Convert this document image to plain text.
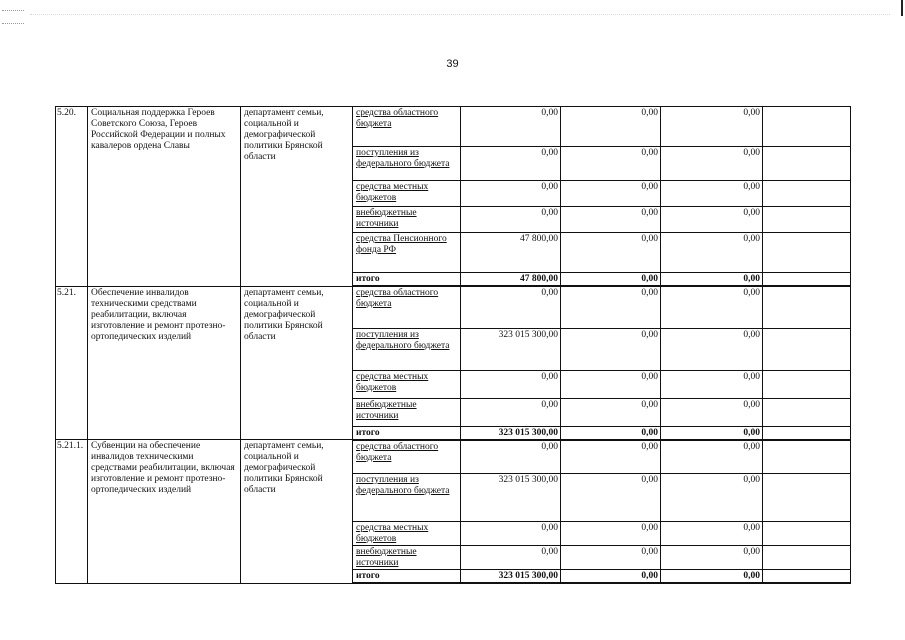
39
5.20.	Социальная поддержка Героев Советского Союза, Героев Российской Федерации и полных кавалеров ордена Славы	департамент семьи, социальной и демографической политики Брянской области	средства областного бюджета	0,00	0,00	0,00	
			поступления из федерального бюджета	0,00	0,00	0,00	
			средства местных бюджетов	0,00	0,00	0,00	
			внебюджетные источники	0,00	0,00	0,00	
			средства Пенсионного фонда РФ	47 800,00	0,00	0,00	
			итого	47 800,00	0,00	0,00	
5.21.	Обеспечение инвалидов техническими средствами реабилитации, включая изготовление и ремонт протезно-ортопедических изделий	департамент семьи, социальной и демографической политики Брянской области	средства областного бюджета	0,00	0,00	0,00	
			поступления из федерального бюджета	323 015 300,00	0,00	0,00	
			средства местных бюджетов	0,00	0,00	0,00	
			внебюджетные источники	0,00	0,00	0,00	
			итого	323 015 300,00	0,00	0,00	
5.21.1.	Субвенции на обеспечение инвалидов техническими средствами реабилитации, включая изготовление и ремонт протезно-ортопедических изделий	департамент семьи, социальной и демографической политики Брянской области	средства областного бюджета	0,00	0,00	0,00	
			поступления из федерального бюджета	323 015 300,00	0,00	0,00	
			средства местных бюджетов	0,00	0,00	0,00	
			внебюджетные источники	0,00	0,00	0,00	
			итого	323 015 300,00	0,00	0,00	
